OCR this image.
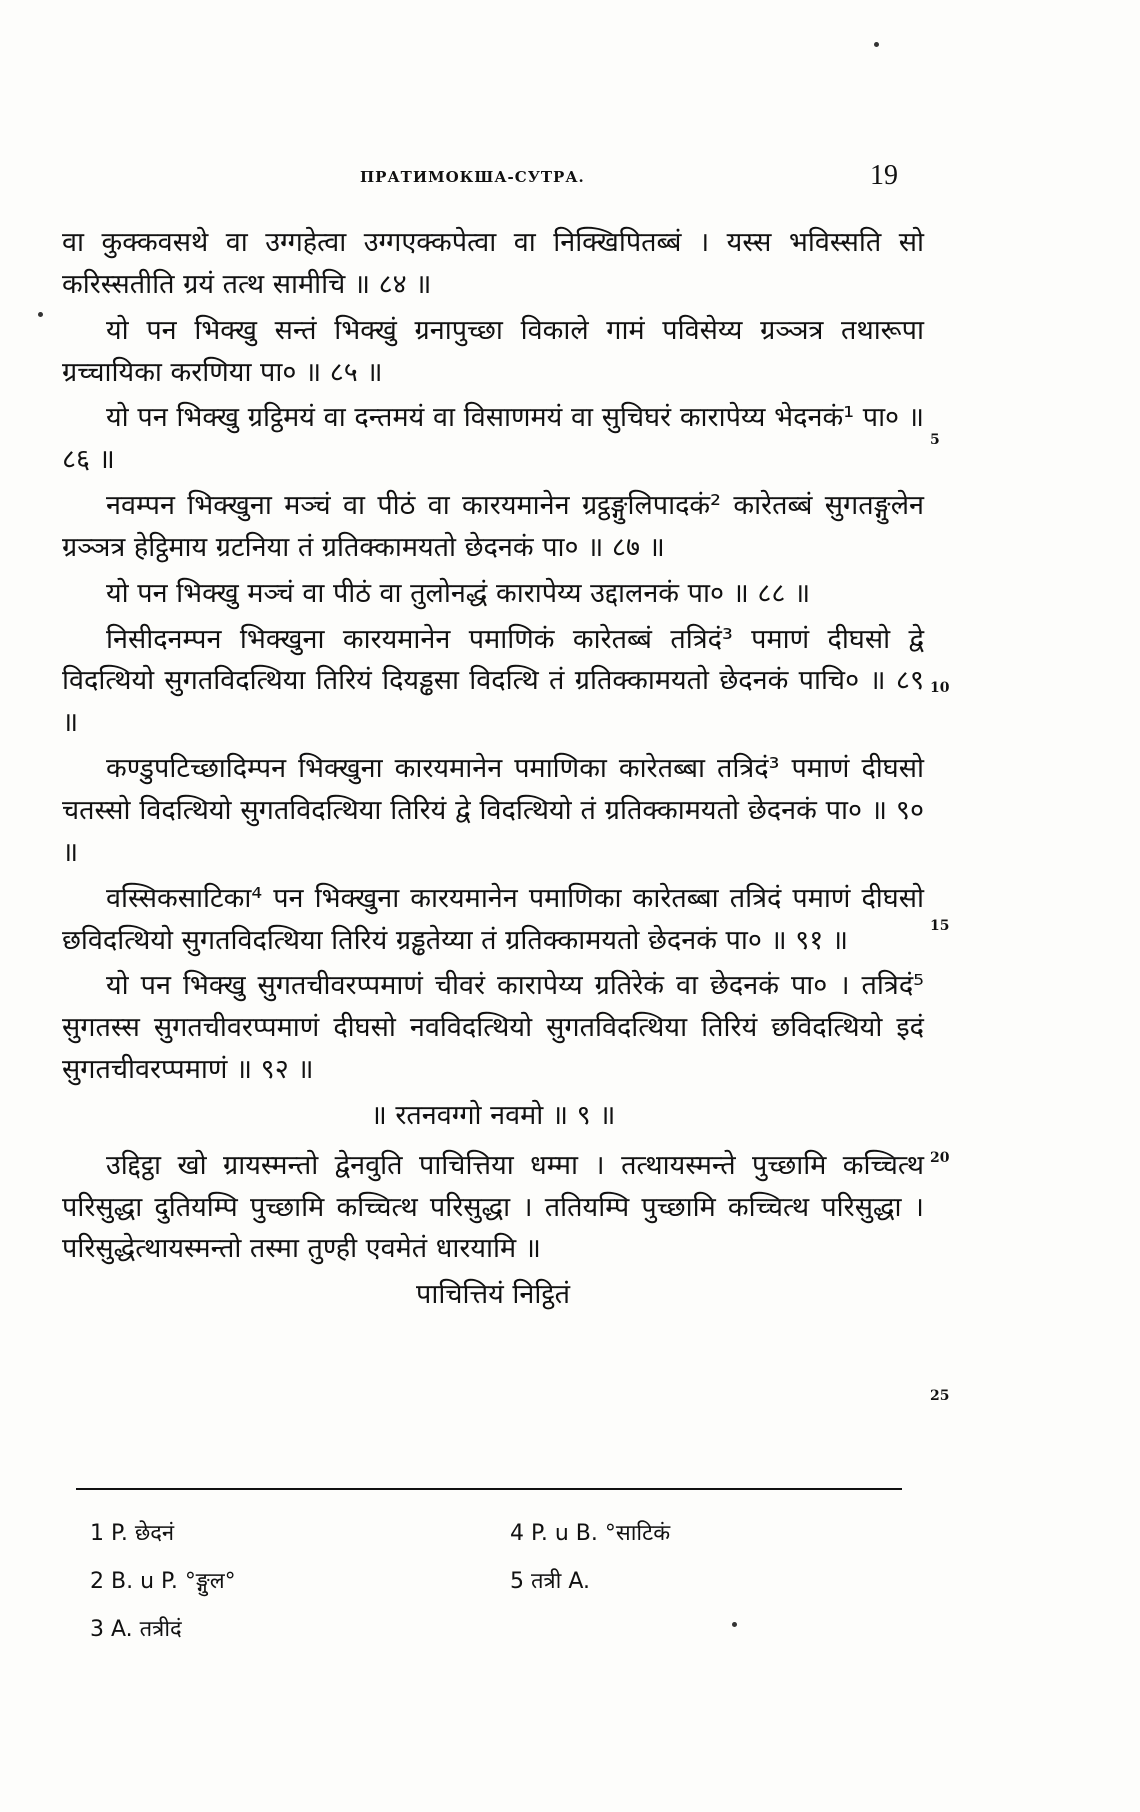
ПРАТИМОКША-СУТРА.	19

वा कुक्कवसथे वा उग्गहेत्वा उग्गएक्कपेत्वा वा निक्खिपितब्बं । यस्स भविस्सति सो करिस्सतीति ग्रयं तत्थ सामीचि ॥ ८४ ॥

यो पन भिक्खु सन्तं भिक्खुं ग्रनापुच्छा विकाले गामं पविसेय्य ग्रञ्ञत्र तथारूपा ग्रच्चायिका करणिया पा० ॥ ८५ ॥

यो पन भिक्खु ग्रट्ठिमयं वा दन्तमयं वा विसाणमयं वा सुचिघरं कारापेय्य भेदनकं¹ पा० ॥ ८६ ॥

नवम्पन भिक्खुना मञ्चं वा पीठं वा कारयमानेन ग्रट्ठङ्गुलिपादकं² कारेतब्बं सुगतङ्गुलेन ग्रञ्ञत्र हेट्ठिमाय ग्रटनिया तं ग्रतिक्कामयतो छेदनकं पा० ॥ ८७ ॥

यो पन भिक्खु मञ्चं वा पीठं वा तुलोनद्धं कारापेय्य उद्दालनकं पा० ॥ ८८ ॥

निसीदनम्पन भिक्खुना कारयमानेन पमाणिकं कारेतब्बं तत्रिदं³ पमाणं दीघसो द्वे विदत्थियो सुगतविदत्थिया तिरियं दियड्ढसा विदत्थि तं ग्रतिक्कामयतो छेदनकं पाचि० ॥ ८९ ॥

कण्डुपटिच्छादिम्पन भिक्खुना कारयमानेन पमाणिका कारेतब्बा तत्रिदं³ पमाणं दीघसो चतस्सो विदत्थियो सुगतविदत्थिया तिरियं द्वे विदत्थियो तं ग्रतिक्कामयतो छेदनकं पा० ॥ ९० ॥

वस्सिकसाटिका⁴ पन भिक्खुना कारयमानेन पमाणिका कारेतब्बा तत्रिदं पमाणं दीघसो छविदत्थियो सुगतविदत्थिया तिरियं ग्रड्ढतेय्या तं ग्रतिक्कामयतो छेदनकं पा० ॥ ९१ ॥

यो पन भिक्खु सुगतचीवरप्पमाणं चीवरं कारापेय्य ग्रतिरेकं वा छेदनकं पा० । तत्रिदं⁵ सुगतस्स सुगतचीवरप्पमाणं दीघसो नवविदत्थियो सुगतविदत्थिया तिरियं छविदत्थियो इदं सुगतचीवरप्पमाणं ॥ ९२ ॥

॥ रतनवग्गो नवमो ॥ ९ ॥

उद्दिट्ठा खो ग्रायस्मन्तो द्वेनवुति पाचित्तिया धम्मा । तत्थायस्मन्ते पुच्छामि कच्चित्थ परिसुद्धा दुतियम्पि पुच्छामि कच्चित्थ परिसुद्धा । ततियम्पि पुच्छामि कच्चित्थ परिसुद्धा । परिसुद्धेत्थायस्मन्तो तस्मा तुण्ही एवमेतं धारयामि ॥

पाचित्तियं निट्ठितं

5
10
15
20
25
1 P. छेदनं
2 B. u P. °ङ्गुल°
3 A. तत्रीदं
4 P. u B. °साटिकं
5 तत्री A.
